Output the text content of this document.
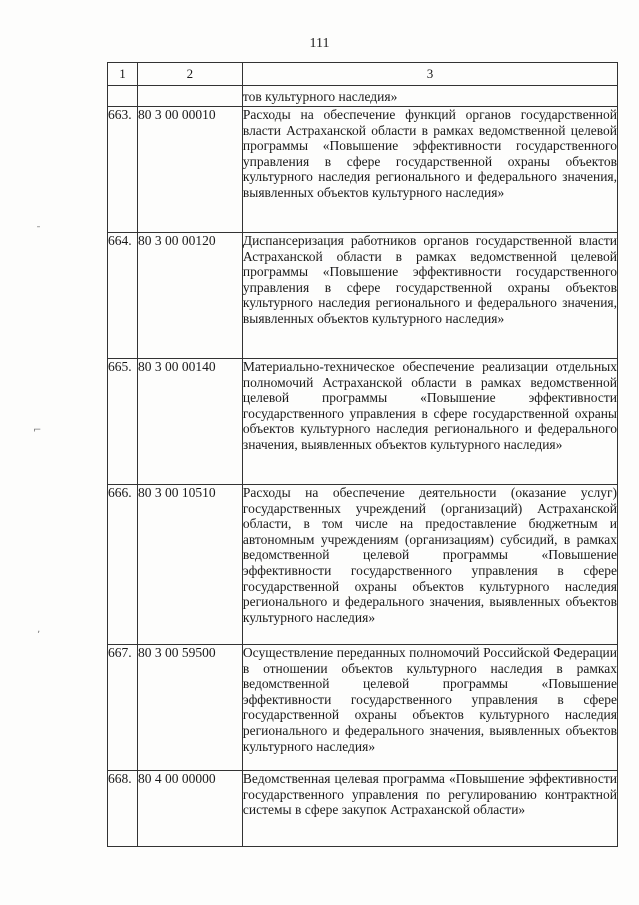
111
1	2	3
		тов культурного наследия»
663.	80 3 00 00010	Расходы на обеспечение функций органов государственной власти Астраханской области в рамках ведомственной целевой программы «Повышение эффективности государственного управления в сфере государственной охраны объектов культурного наследия регионального и федерального значения, выявленных объектов культурного наследия»
664.	80 3 00 00120	Диспансеризация работников органов государственной власти Астраханской области в рамках ведомственной целевой программы «Повышение эффективности государственного управления в сфере государственной охраны объектов культурного наследия регионального и федерального значения, выявленных объектов культурного наследия»
665.	80 3 00 00140	Материально-техническое обеспечение реализации отдельных полномочий Астраханской области в рамках ведомственной целевой программы «Повышение эффективности государственного управления в сфере государственной охраны объектов культурного наследия регионального и федерального значения, выявленных объектов культурного наследия»
666.	80 3 00 10510	Расходы на обеспечение деятельности (оказание услуг) государственных учреждений (организаций) Астраханской области, в том числе на предоставление бюджетным и автономным учреждениям (организациям) субсидий, в рамках ведомственной целевой программы «Повышение эффективности государственного управления в сфере государственной охраны объектов культурного наследия регионального и федерального значения, выявленных объектов культурного наследия»
667.	80 3 00 59500	Осуществление переданных полномочий Российской Федерации в отношении объектов культурного наследия в рамках ведомственной целевой программы «Повышение эффективности государственного управления в сфере государственной охраны объектов культурного наследия регионального и федерального значения, выявленных объектов культурного наследия»
668.	80 4 00 00000	Ведомственная целевая программа «Повышение эффективности государственного управления по регулированию контрактной системы в сфере закупок Астраханской области»
ˉ
⌐
ʼ
